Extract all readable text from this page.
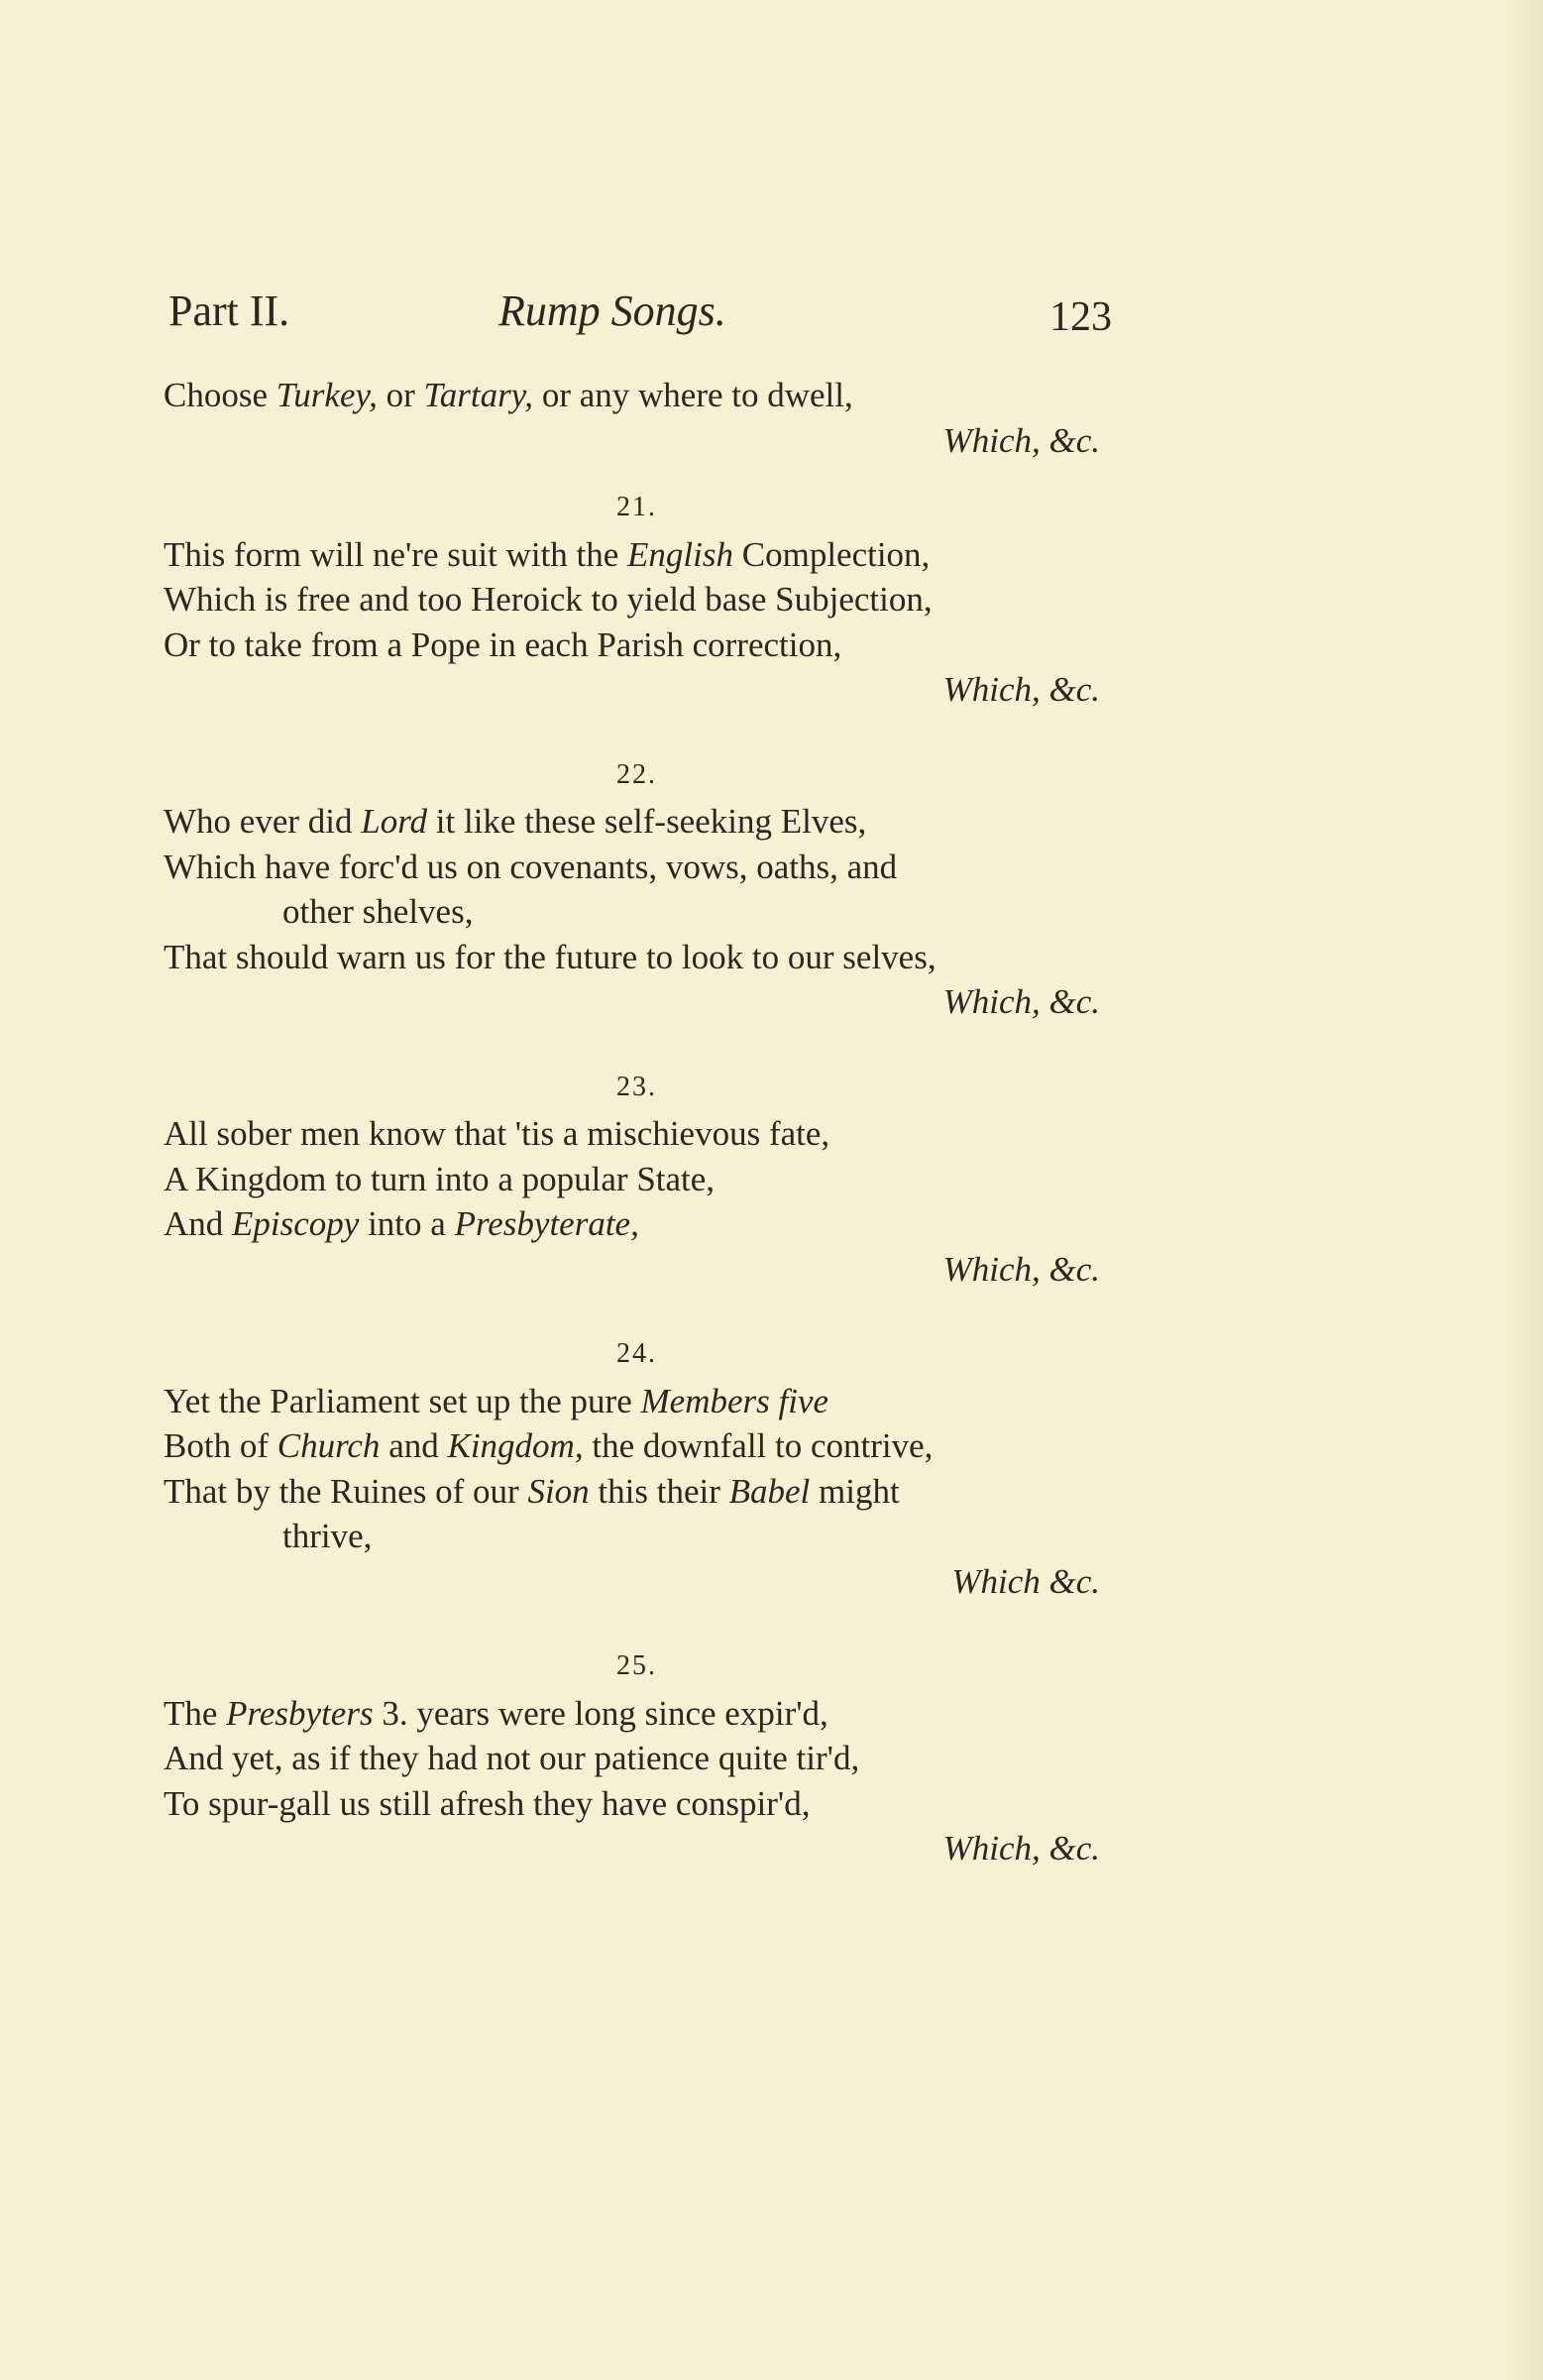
Part II.	Rump Songs.	123
Choose Turkey, or Tartary, or any where to dwell,
Which, &c.
21.
This form will ne're suit with the English Complection,
Which is free and too Heroick to yield base Subjection,
Or to take from a Pope in each Parish correction,
Which, &c.
22.
Who ever did Lord it like these self-seeking Elves,
Which have forc'd us on covenants, vows, oaths, and
other shelves,
That should warn us for the future to look to our selves,
Which, &c.
23.
All sober men know that 'tis a mischievous fate,
A Kingdom to turn into a popular State,
And Episcopy into a Presbyterate,
Which, &c.
24.
Yet the Parliament set up the pure Members five
Both of Church and Kingdom, the downfall to contrive,
That by the Ruines of our Sion this their Babel might
thrive,
Which &c.
25.
The Presbyters 3. years were long since expir'd,
And yet, as if they had not our patience quite tir'd,
To spur-gall us still afresh they have conspir'd,
Which, &c.
